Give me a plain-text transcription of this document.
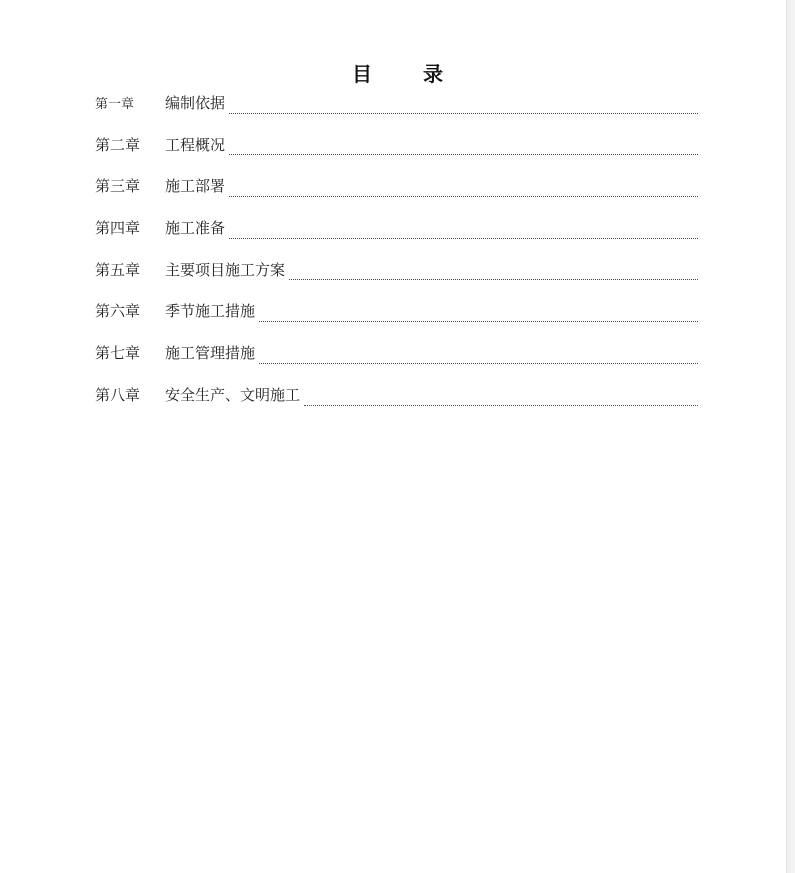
目 录
第一章	编制依据
第二章	工程概况
第三章	施工部署
第四章	施工准备
第五章	主要项目施工方案
第六章	季节施工措施
第七章	施工管理措施
第八章	安全生产、文明施工
